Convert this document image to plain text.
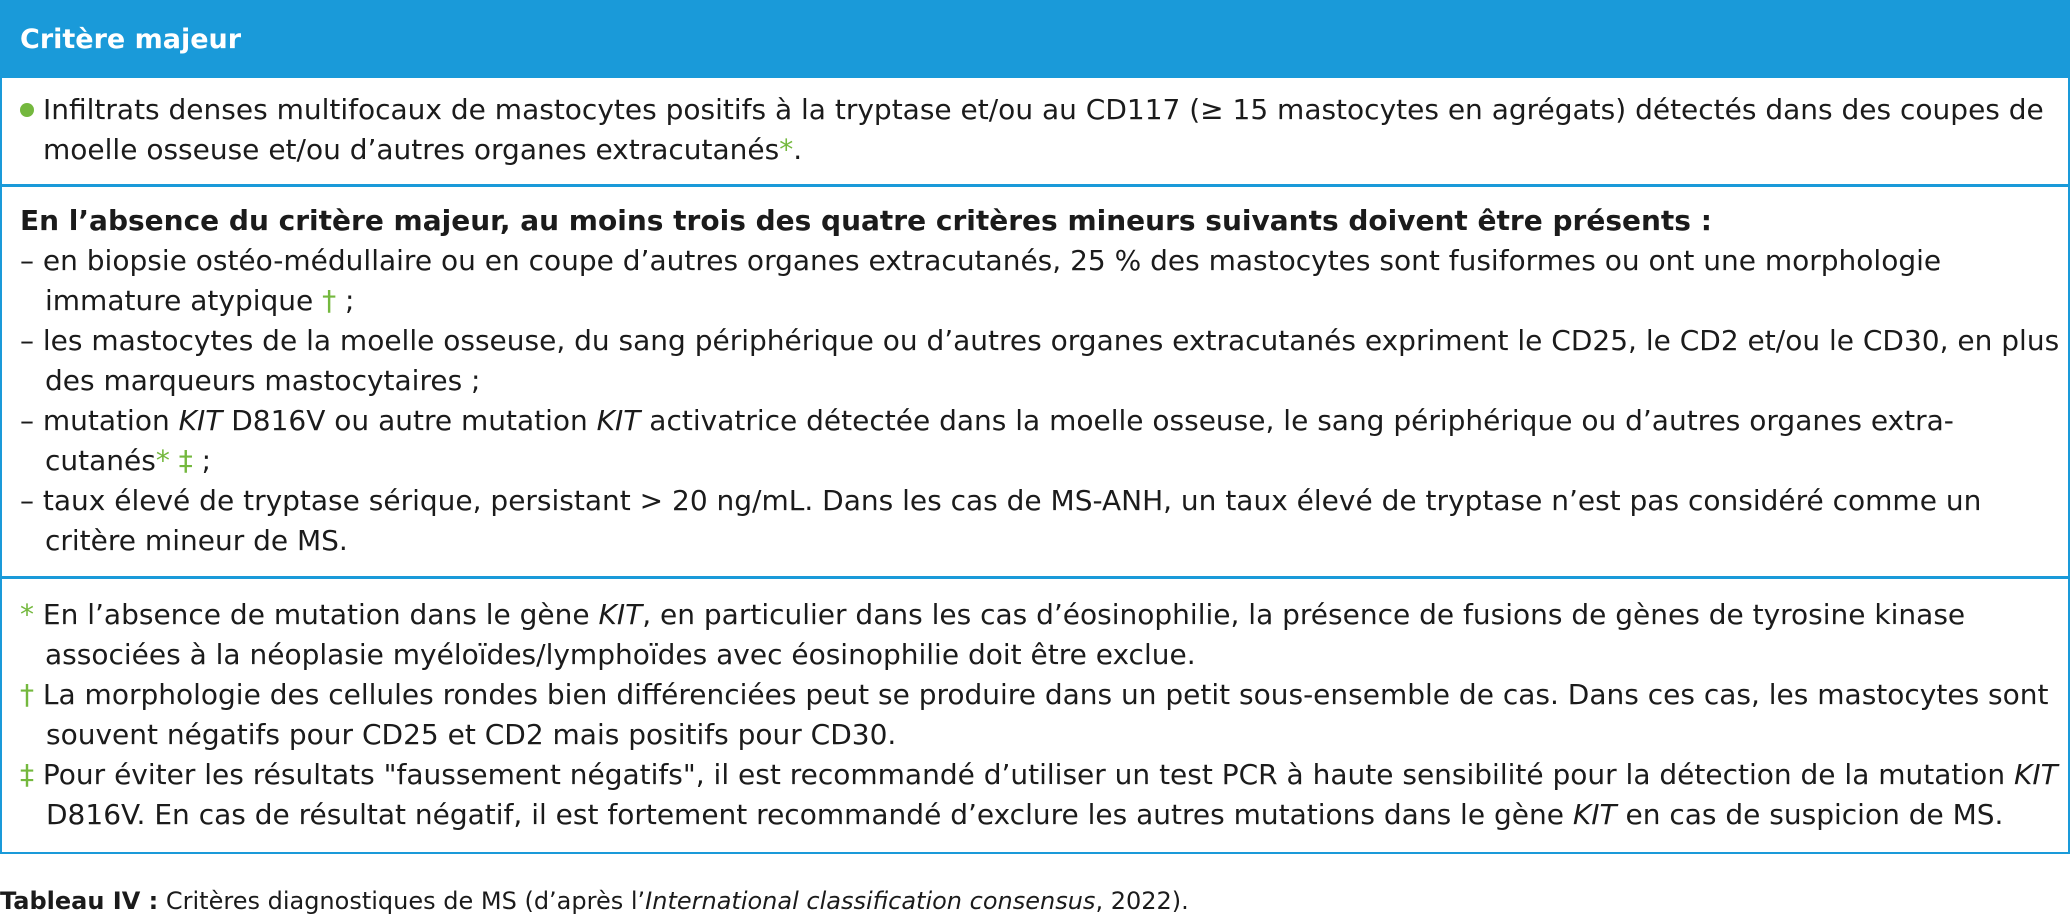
Critère majeur
Infiltrats denses multifocaux de mastocytes positifs à la tryptase et/ou au CD117 (≥ 15 mastocytes en agrégats) détectés dans des coupes de moelle osseuse et/ou d’autres organes extracutanés*.
En l’absence du critère majeur, au moins trois des quatre critères mineurs suivants doivent être présents :
– en biopsie ostéo-médullaire ou en coupe d’autres organes extracutanés, 25 % des mastocytes sont fusiformes ou ont une morphologie immature atypique † ;
– les mastocytes de la moelle osseuse, du sang périphérique ou d’autres organes extracutanés expriment le CD25, le CD2 et/ou le CD30, en plus des marqueurs mastocytaires ;
– mutation KIT D816V ou autre mutation KIT activatrice détectée dans la moelle osseuse, le sang périphérique ou d’autres organes extra-cutanés* ‡ ;
– taux élevé de tryptase sérique, persistant > 20 ng/mL. Dans les cas de MS-ANH, un taux élevé de tryptase n’est pas considéré comme un critère mineur de MS.
* En l’absence de mutation dans le gène KIT, en particulier dans les cas d’éosinophilie, la présence de fusions de gènes de tyrosine kinase associées à la néoplasie myéloïdes/lymphoïdes avec éosinophilie doit être exclue.
† La morphologie des cellules rondes bien différenciées peut se produire dans un petit sous-ensemble de cas. Dans ces cas, les mastocytes sont souvent négatifs pour CD25 et CD2 mais positifs pour CD30.
‡ Pour éviter les résultats "faussement négatifs", il est recommandé d’utiliser un test PCR à haute sensibilité pour la détection de la mutation KIT D816V. En cas de résultat négatif, il est fortement recommandé d’exclure les autres mutations dans le gène KIT en cas de suspicion de MS.
Tableau IV : Critères diagnostiques de MS (d’après l’International classification consensus, 2022).
